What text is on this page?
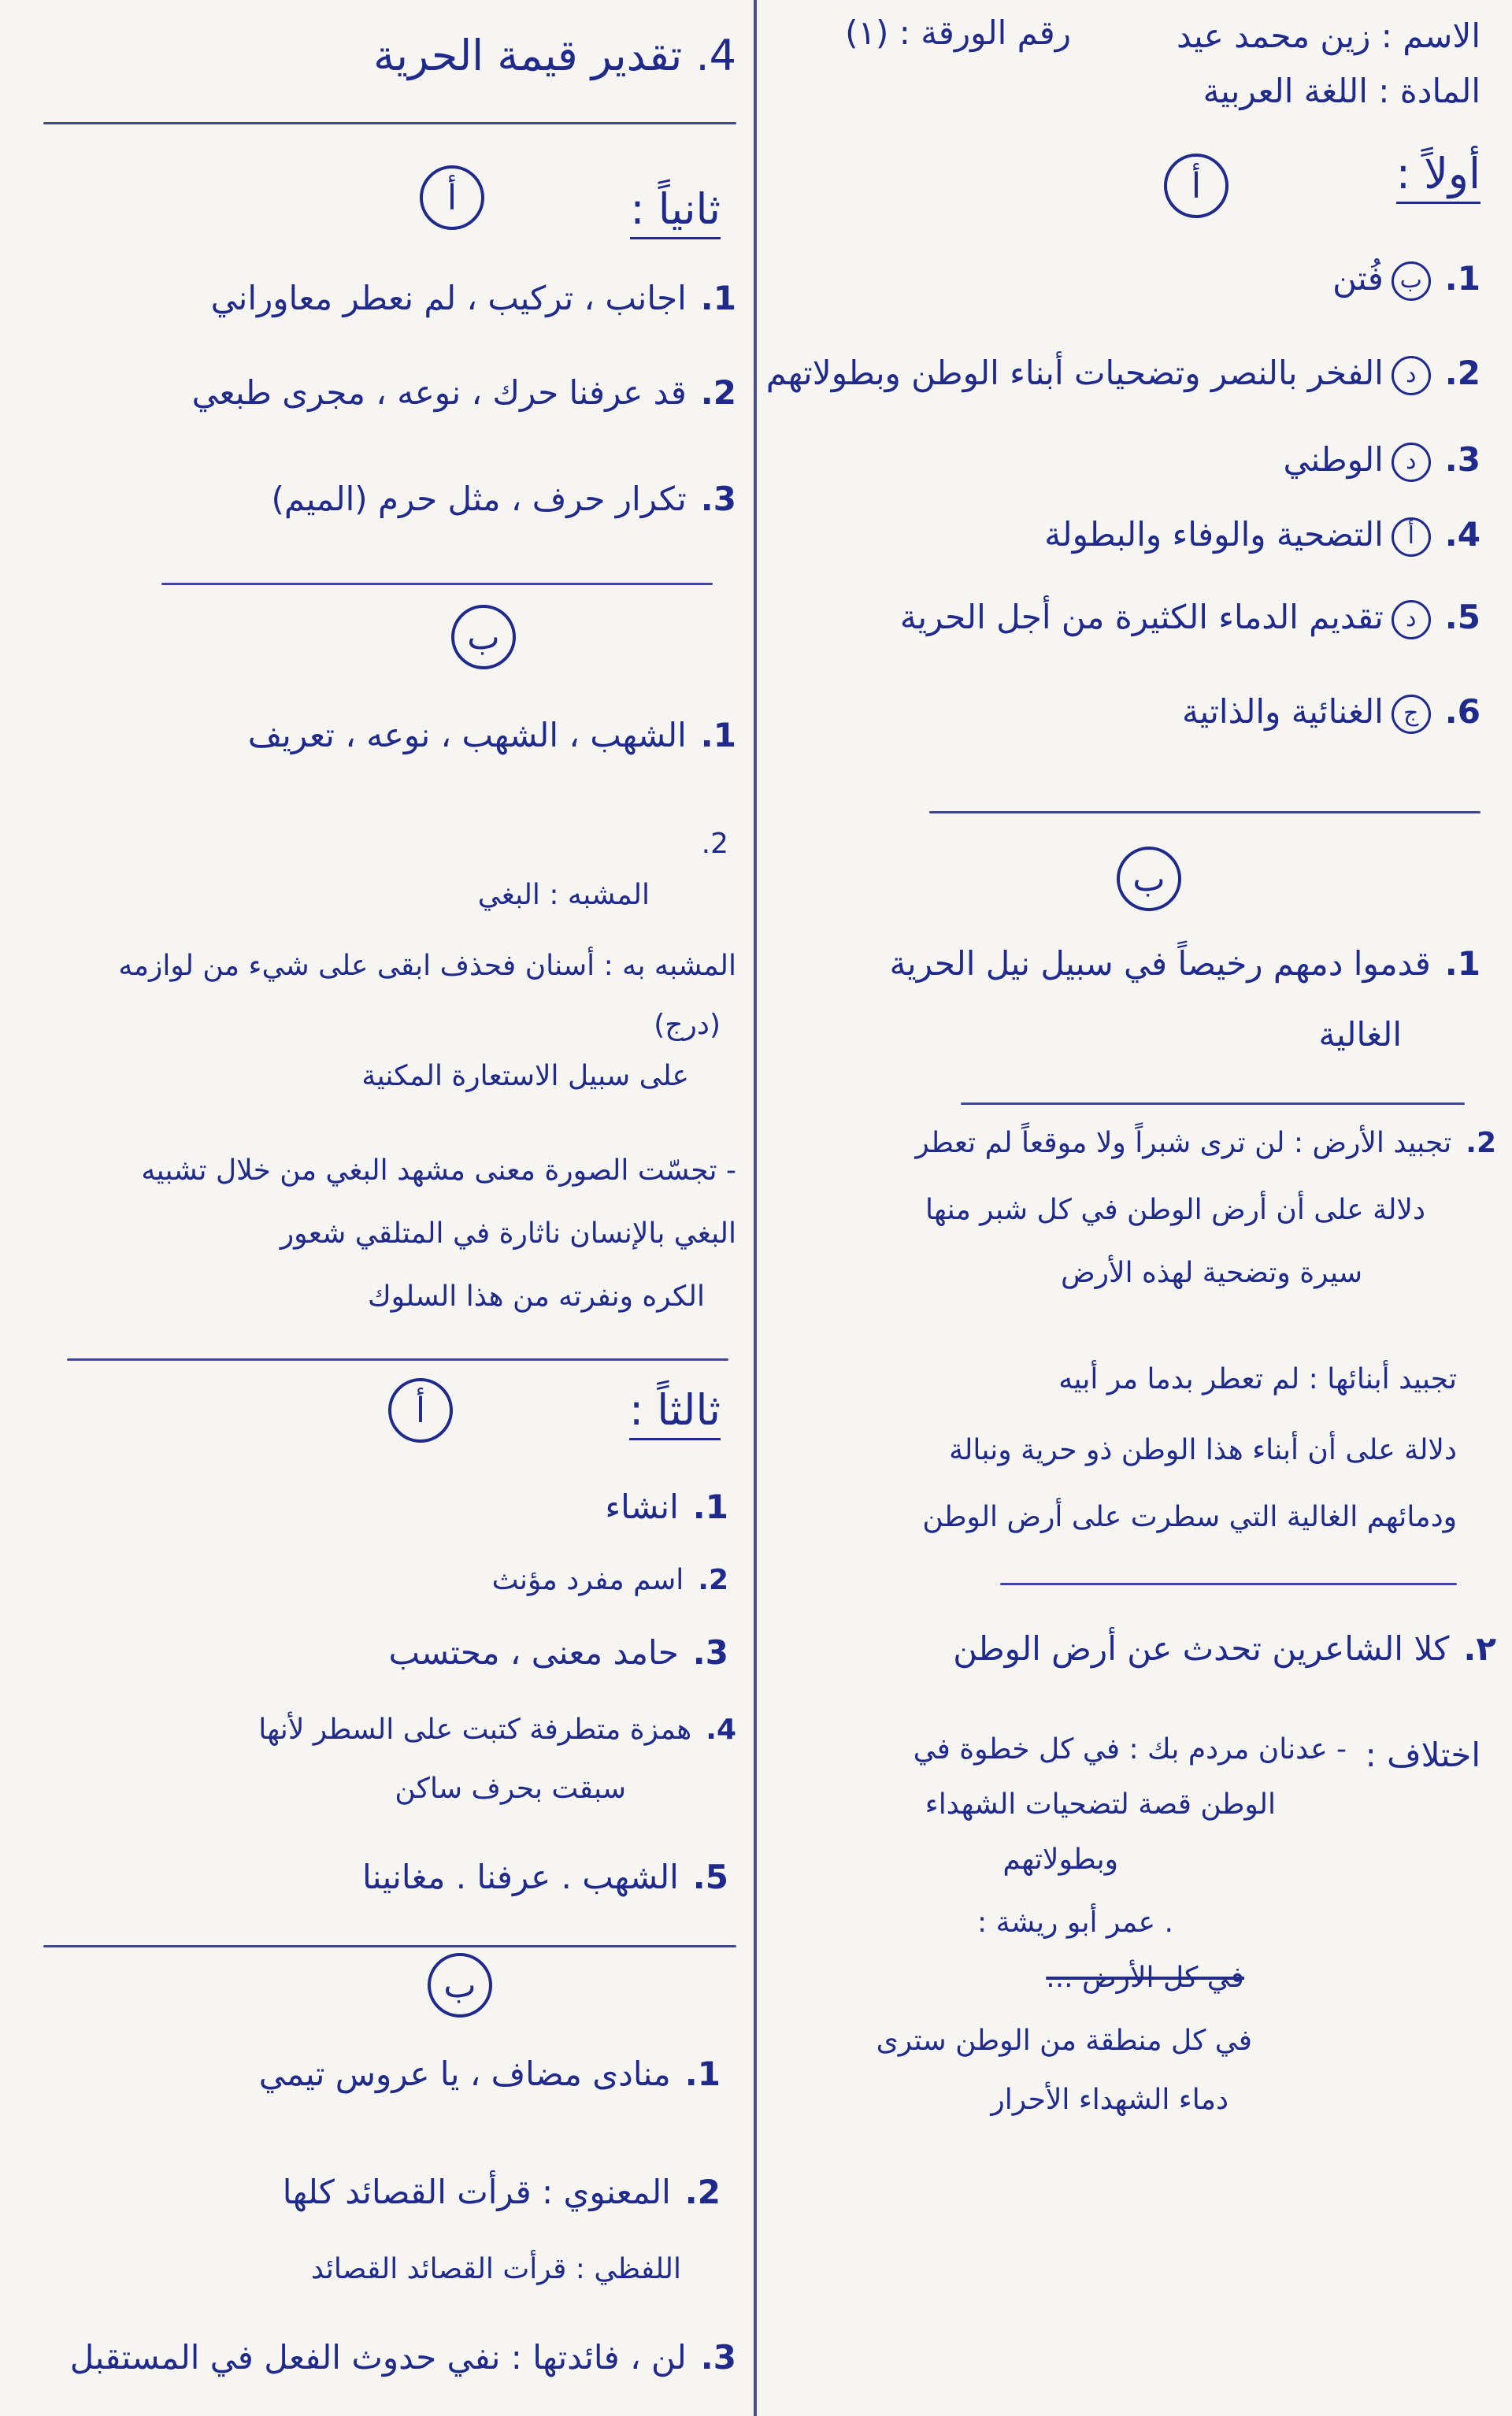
الاسم : زين محمد عيد
المادة : اللغة العربية
رقم الورقة : (١)
أولاً :
أ
1.بفُتن
2.دالفخر بالنصر وتضحيات أبناء الوطن وبطولاتهم
3.دالوطني
4.أالتضحية والوفاء والبطولة
5.دتقديم الدماء الكثيرة من أجل الحرية
6.جالغنائية والذاتية
ب
1.قدموا دمهم رخيصاً في سبيل نيل الحرية
الغالية
2.تجبيد الأرض : لن ترى شبراً ولا موقعاً لم تعطر
دلالة على أن أرض الوطن في كل شبر منها
سيرة وتضحية لهذه الأرض
تجبيد أبنائها : لم تعطر بدما مر أبيه
دلالة على أن أبناء هذا الوطن ذو حرية ونبالة
ودمائهم الغالية التي سطرت على أرض الوطن
٢.كلا الشاعرين تحدث عن أرض الوطن
اختلاف :
- عدنان مردم بك : في كل خطوة في
الوطن قصة لتضحيات الشهداء
وبطولاتهم
. عمر أبو ريشة :
في كل الأرض ...
في كل منطقة من الوطن سترى
دماء الشهداء الأحرار
4. تقدير قيمة الحرية
ثانياً :
أ
1.اجانب ، تركيب ، لم نعطر معاوراني
2.قد عرفنا حرك ، نوعه ، مجرى طبعي
3.تكرار حرف ، مثل حرم (الميم)
ب
1.الشهب ، الشهب ، نوعه ، تعريف
2.
المشبه : البغي
المشبه به : أسنان فحذف ابقى على شيء من لوازمه
(درج)
على سبيل الاستعارة المكنية
- تجسّت الصورة معنى مشهد البغي من خلال تشبيه
البغي بالإنسان ناثارة في المتلقي شعور
الكره ونفرته من هذا السلوك
ثالثاً :
أ
1.انشاء
2.اسم مفرد مؤنث
3.حامد معنى ، محتسب
4.همزة متطرفة كتبت على السطر لأنها
سبقت بحرف ساكن
5.الشهب . عرفنا . مغانينا
ب
1.منادى مضاف ، يا عروس تيمي
2.المعنوي : قرأت القصائد كلها
اللفظي : قرأت القصائد القصائد
3.لن ، فائدتها : نفي حدوث الفعل في المستقبل
